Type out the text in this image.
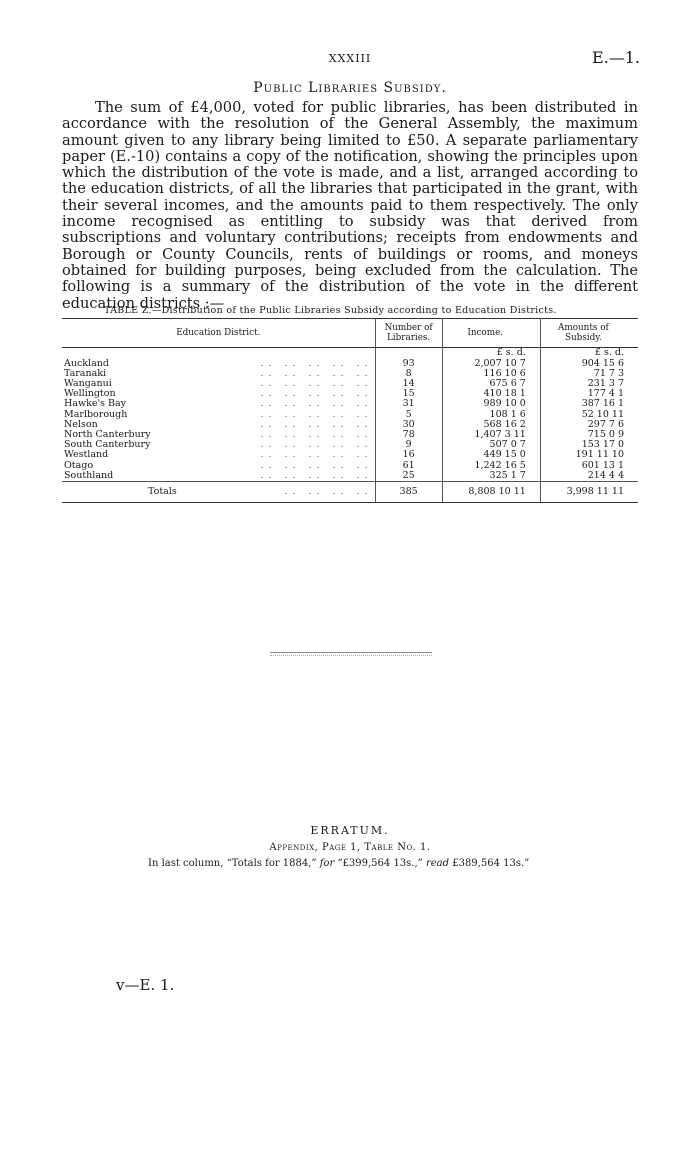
XXXIII	E.—1.
Public Libraries Subsidy.

The sum of £4,000, voted for public libraries, has been distributed in accordance with the resolution of the General Assembly, the maximum amount given to any library being limited to £50. A separate parliamentary paper (E.-10) contains a copy of the notification, showing the principles upon which the distribution of the vote is made, and a list, arranged according to the education districts, of all the libraries that participated in the grant, with their several incomes, and the amounts paid to them respectively. The only income recognised as entitling to subsidy was that derived from subscriptions and voluntary contributions; receipts from endowments and Borough or County Councils, rents of buildings or rooms, and moneys obtained for building purposes, being excluded from the calculation. The following is a summary of the distribution of the vote in the different education districts :—

TABLE Z.—Distribution of the Public Libraries Subsidy according to Education Districts.
Education District.	Number of Libraries.	Income.	Amounts of Subsidy.
		£ s. d.	£ s. d.
Auckland .. .. .. .. ..	93	2,007 10 7	904 15 6
Taranaki .. .. .. .. ..	8	116 10 6	71 7 3
Wanganui .. .. .. .. ..	14	675 6 7	231 3 7
Wellington .. .. .. .. ..	15	410 18 1	177 4 1
Hawke's Bay .. .. .. .. ..	31	989 10 0	387 16 1
Marlborough .. .. .. .. ..	5	108 1 6	52 10 11
Nelson .. .. .. .. ..	30	568 16 2	297 7 6
North Canterbury .. .. .. .. ..	78	1,407 3 11	715 0 9
South Canterbury .. .. .. .. ..	9	507 0 7	153 17 0
Westland .. .. .. .. ..	16	449 15 0	191 11 10
Otago .. .. .. .. ..	61	1,242 16 5	601 13 1
Southland .. .. .. .. ..	25	325 1 7	214 4 4
Totals .. .. .. ..	385	8,808 10 11	3,998 11 11
ERRATUM.
Appendix, Page 1, Table No. 1.
In last column, “Totals for 1884,” for “£399,564 13s.,” read £389,564 13s.”
v—E. 1.
